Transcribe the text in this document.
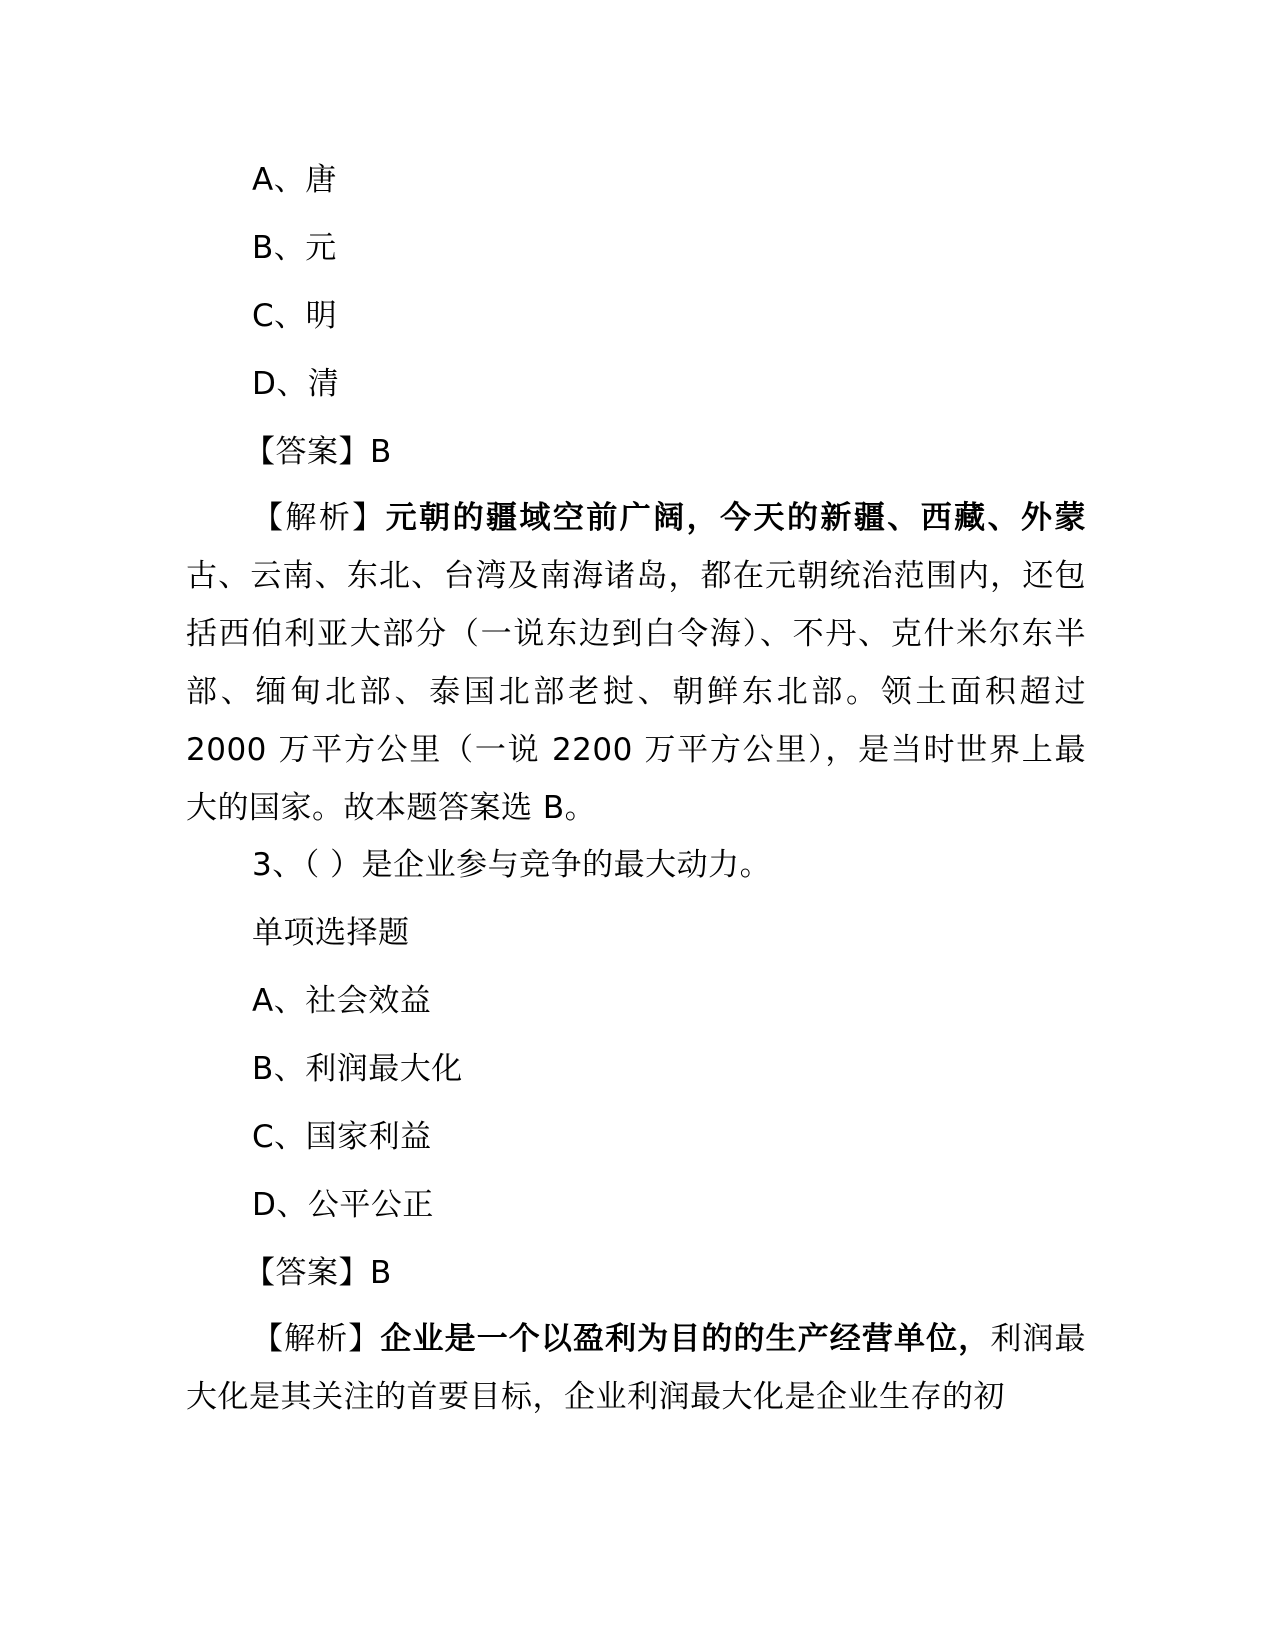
A、唐
B、元
C、明
D、清
【答案】B
【解析】元朝的疆域空前广阔，今天的新疆、西藏、外蒙古、云南、东北、台湾及南海诸岛，都在元朝统治范围内，还包括西伯利亚大部分（一说东边到白令海）、不丹、克什米尔东半部、缅甸北部、泰国北部老挝、朝鲜东北部。领土面积超过 2000 万平方公里（一说 2200 万平方公里），是当时世界上最大的国家。故本题答案选 B。
3、（ ）是企业参与竞争的最大动力。
单项选择题
A、社会效益
B、利润最大化
C、国家利益
D、公平公正
【答案】B
【解析】企业是一个以盈利为目的的生产经营单位，利润最大化是其关注的首要目标，企业利润最大化是企业生存的初
